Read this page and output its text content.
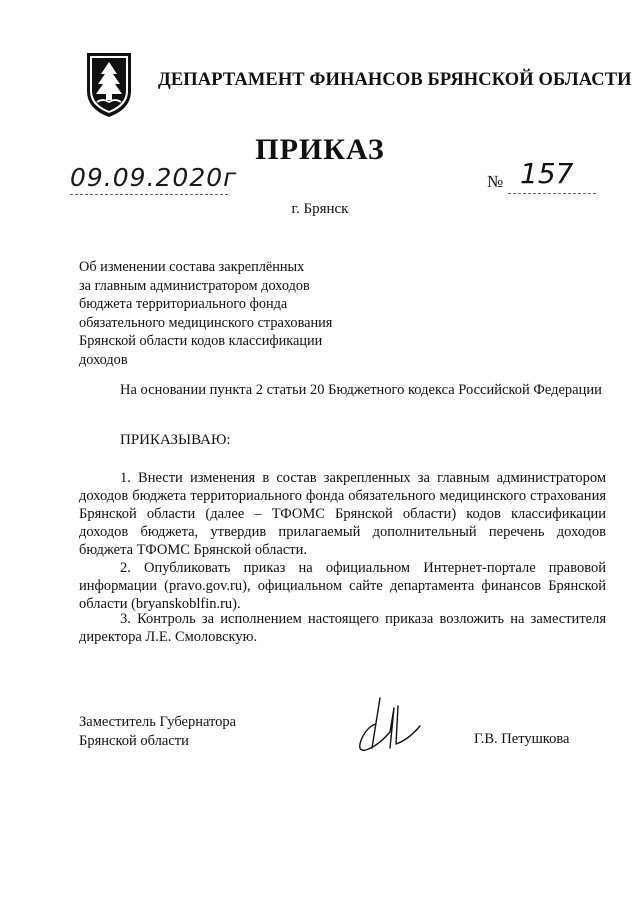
ДЕПАРТАМЕНТ ФИНАНСОВ БРЯНСКОЙ ОБЛАСТИ
ПРИКАЗ
09.09.2020г	№ 157
г. Брянск
Об изменении состава закреплённых
за главным администратором доходов
бюджета территориального фонда
обязательного медицинского страхования
Брянской области кодов классификации
доходов
На основании пункта 2 статьи 20 Бюджетного кодекса Российской Федерации
ПРИКАЗЫВАЮ:
1. Внести изменения в состав закрепленных за главным администратором доходов бюджета территориального фонда обязательного медицинского страхования Брянской области (далее – ТФОМС Брянской области) кодов классификации доходов бюджета, утвердив прилагаемый дополнительный перечень доходов бюджета ТФОМС Брянской области.
2. Опубликовать приказ на официальном Интернет-портале правовой информации (pravo.gov.ru), официальном сайте департамента финансов Брянской области (bryanskoblfin.ru).
3. Контроль за исполнением настоящего приказа возложить на заместителя директора Л.Е. Смоловскую.
Заместитель Губернатора
Брянской области	Г.В. Петушкова
